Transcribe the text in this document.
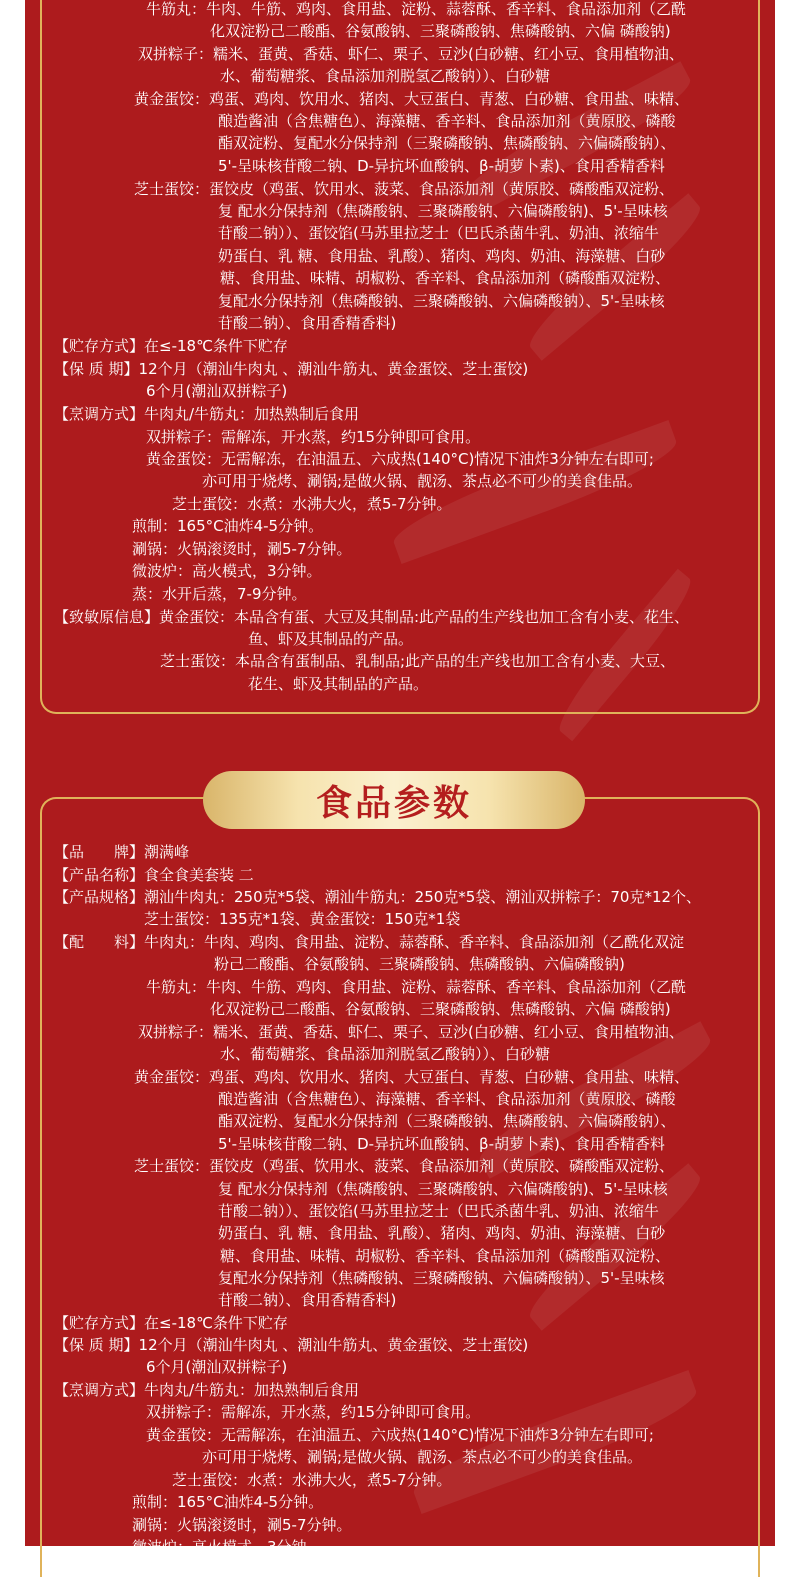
食品参数
牛筋丸：牛肉、牛筋、鸡肉、食用盐、淀粉、蒜蓉酥、香辛料、食品添加剂（乙酰
化双淀粉己二酸酯、谷氨酸钠、三聚磷酸钠、焦磷酸钠、六偏 磷酸钠)
双拼粽子：糯米、蛋黄、香菇、虾仁、栗子、豆沙(白砂糖、红小豆、食用植物油、
水、葡萄糖浆、食品添加剂脱氢乙酸钠））、白砂糖
黄金蛋饺：鸡蛋、鸡肉、饮用水、猪肉、大豆蛋白、青葱、白砂糖、食用盐、味精、
酿造酱油（含焦糖色）、海藻糖、香辛料、食品添加剂（黄原胶、磷酸
酯双淀粉、复配水分保持剂（三聚磷酸钠、焦磷酸钠、六偏磷酸钠）、
5'-呈味核苷酸二钠、D-异抗坏血酸钠、β-胡萝卜素)、食用香精香料
芝士蛋饺：蛋饺皮（鸡蛋、饮用水、菠菜、食品添加剂（黄原胶、磷酸酯双淀粉、
复 配水分保持剂（焦磷酸钠、三聚磷酸钠、六偏磷酸钠)、5'-呈味核
苷酸二钠））、蛋饺馅(马苏里拉芝士（巴氏杀菌牛乳、奶油、浓缩牛
奶蛋白、乳 糖、食用盐、乳酸）、猪肉、鸡肉、奶油、海藻糖、白砂
糖、食用盐、味精、胡椒粉、香辛料、食品添加剂（磷酸酯双淀粉、
复配水分保持剂（焦磷酸钠、三聚磷酸钠、六偏磷酸钠）、5'-呈味核
苷酸二钠）、食用香精香料)
【贮存方式】在≤-18℃条件下贮存
【保 质 期】12个月（潮汕牛肉丸 、潮汕牛筋丸、黄金蛋饺、芝士蛋饺)
6个月(潮汕双拼粽子)
【烹调方式】牛肉丸/牛筋丸：加热熟制后食用
双拼粽子：需解冻，开水蒸，约15分钟即可食用。
黄金蛋饺：无需解冻，在油温五、六成热(140°C)情况下油炸3分钟左右即可;
亦可用于烧烤、涮锅;是做火锅、靓汤、茶点必不可少的美食佳品。
芝士蛋饺：水煮：水沸大火，煮5-7分钟。
煎制：165°C油炸4-5分钟。
涮锅：火锅滚烫时，涮5-7分钟。
微波炉：高火模式，3分钟。
蒸：水开后蒸，7-9分钟。
【致敏原信息】黄金蛋饺：本品含有蛋、大豆及其制品:此产品的生产线也加工含有小麦、花生、
鱼、虾及其制品的产品。
芝士蛋饺：本品含有蛋制品、乳制品;此产品的生产线也加工含有小麦、大豆、
花生、虾及其制品的产品。
【品　　牌】潮满峰
【产品名称】食全食美套装 二
【产品规格】潮汕牛肉丸：250克*5袋、潮汕牛筋丸：250克*5袋、潮汕双拼粽子：70克*12个、
芝士蛋饺：135克*1袋、黄金蛋饺：150克*1袋
【配　　料】牛肉丸：牛肉、鸡肉、食用盐、淀粉、蒜蓉酥、香辛料、食品添加剂（乙酰化双淀
粉己二酸酯、谷氨酸钠、三聚磷酸钠、焦磷酸钠、六偏磷酸钠)
牛筋丸：牛肉、牛筋、鸡肉、食用盐、淀粉、蒜蓉酥、香辛料、食品添加剂（乙酰
化双淀粉己二酸酯、谷氨酸钠、三聚磷酸钠、焦磷酸钠、六偏 磷酸钠)
双拼粽子：糯米、蛋黄、香菇、虾仁、栗子、豆沙(白砂糖、红小豆、食用植物油、
水、葡萄糖浆、食品添加剂脱氢乙酸钠））、白砂糖
黄金蛋饺：鸡蛋、鸡肉、饮用水、猪肉、大豆蛋白、青葱、白砂糖、食用盐、味精、
酿造酱油（含焦糖色）、海藻糖、香辛料、食品添加剂（黄原胶、磷酸
酯双淀粉、复配水分保持剂（三聚磷酸钠、焦磷酸钠、六偏磷酸钠）、
5'-呈味核苷酸二钠、D-异抗坏血酸钠、β-胡萝卜素)、食用香精香料
芝士蛋饺：蛋饺皮（鸡蛋、饮用水、菠菜、食品添加剂（黄原胶、磷酸酯双淀粉、
复 配水分保持剂（焦磷酸钠、三聚磷酸钠、六偏磷酸钠)、5'-呈味核
苷酸二钠））、蛋饺馅(马苏里拉芝士（巴氏杀菌牛乳、奶油、浓缩牛
奶蛋白、乳 糖、食用盐、乳酸）、猪肉、鸡肉、奶油、海藻糖、白砂
糖、食用盐、味精、胡椒粉、香辛料、食品添加剂（磷酸酯双淀粉、
复配水分保持剂（焦磷酸钠、三聚磷酸钠、六偏磷酸钠）、5'-呈味核
苷酸二钠）、食用香精香料)
【贮存方式】在≤-18℃条件下贮存
【保 质 期】12个月（潮汕牛肉丸 、潮汕牛筋丸、黄金蛋饺、芝士蛋饺)
6个月(潮汕双拼粽子)
【烹调方式】牛肉丸/牛筋丸：加热熟制后食用
双拼粽子：需解冻，开水蒸，约15分钟即可食用。
黄金蛋饺：无需解冻，在油温五、六成热(140°C)情况下油炸3分钟左右即可;
亦可用于烧烤、涮锅;是做火锅、靓汤、茶点必不可少的美食佳品。
芝士蛋饺：水煮：水沸大火，煮5-7分钟。
煎制：165°C油炸4-5分钟。
涮锅：火锅滚烫时，涮5-7分钟。
微波炉：高火模式，3分钟。
